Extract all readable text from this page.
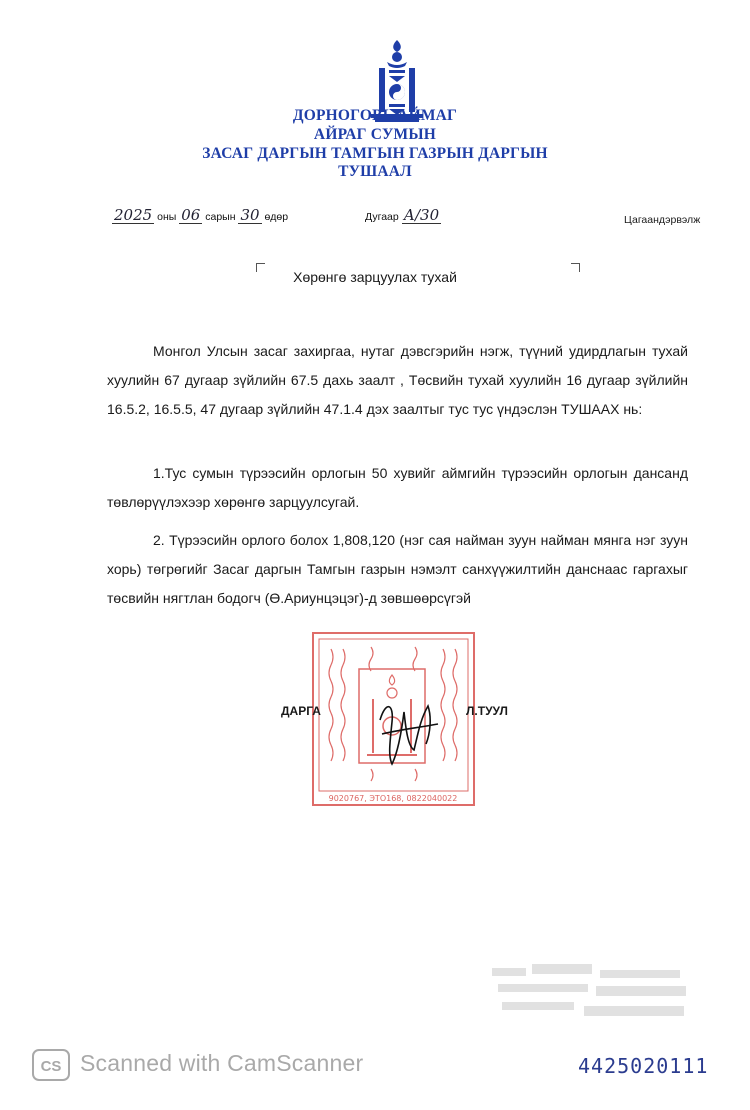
ДОРНОГОВЬ АЙМАГ
АЙРАГ СУМЫН
ЗАСАГ ДАРГЫН ТАМГЫН ГАЗРЫН ДАРГЫН
ТУШААЛ
2025 оны 06 сарын 30 өдөр	Дугаар А/30	Цагаандэрвэлж
Хөрөнгө зарцуулах тухай
Монгол Улсын засаг захиргаа, нутаг дэвсгэрийн нэгж, түүний удирдлагын тухай хуулийн 67 дугаар зүйлийн 67.5 дахь заалт , Төсвийн тухай хуулийн 16 дугаар зүйлийн 16.5.2, 16.5.5, 47 дугаар зүйлийн 47.1.4 дэх заалтыг тус тус үндэслэн ТУШААХ нь:
1.Тус сумын түрээсийн орлогын 50 хувийг аймгийн түрээсийн орлогын дансанд төвлөрүүлэхээр хөрөнгө зарцуулсугай.
2. Түрээсийн орлого болох 1,808,120 (нэг сая найман зуун найман мянга нэг зуун хорь) төгрөгийг Засаг даргын Тамгын газрын нэмэлт санхүүжилтийн данснаас гаргахыг төсвийн нягтлан бодогч (Ө.Ариунцэцэг)-д зөвшөөрсүгэй
9020767, ЭТО168, 0822040022
ДАРГА	Л.ТУУЛ
CS Scanned with CamScanner	4425020111
